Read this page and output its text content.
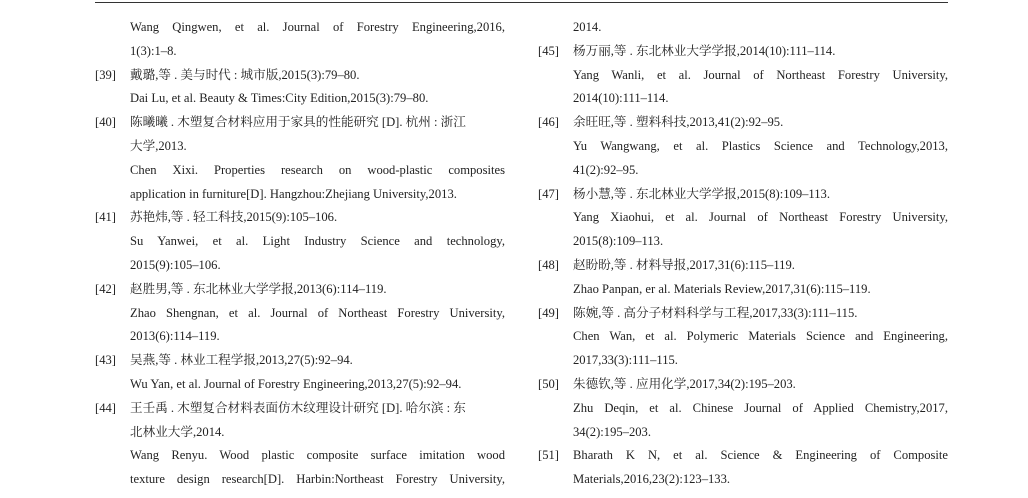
Wang Qingwen, et al. Journal of Forestry Engineering,2016,
1(3):1–8.
[39]	戴璐,等 . 美与时代 : 城市版,2015(3):79–80.
Dai Lu, et al. Beauty & Times:City Edition,2015(3):79–80.
[40]	陈曦曦 . 木塑复合材料应用于家具的性能研究 [D]. 杭州 : 浙江
大学,2013.
Chen Xixi. Properties research on wood-plastic composites
application in furniture[D]. Hangzhou:Zhejiang University,2013.
[41]	苏艳炜,等 . 轻工科技,2015(9):105–106.
Su Yanwei, et al. Light Industry Science and technology,
2015(9):105–106.
[42]	赵胜男,等 . 东北林业大学学报,2013(6):114–119.
Zhao Shengnan, et al. Journal of Northeast Forestry University,
2013(6):114–119.
[43]	吴燕,等 . 林业工程学报,2013,27(5):92–94.
Wu Yan, et al. Journal of Forestry Engineering,2013,27(5):92–94.
[44]	王壬禹 . 木塑复合材料表面仿木纹理设计研究 [D]. 哈尔滨 : 东
北林业大学,2014.
Wang Renyu. Wood plastic composite surface imitation wood
texture design research[D]. Harbin:Northeast Forestry University,
2014.
[45]	杨万丽,等 . 东北林业大学学报,2014(10):111–114.
Yang Wanli, et al. Journal of Northeast Forestry University,
2014(10):111–114.
[46]	余旺旺,等 . 塑料科技,2013,41(2):92–95.
Yu Wangwang, et al. Plastics Science and Technology,2013,
41(2):92–95.
[47]	杨小慧,等 . 东北林业大学学报,2015(8):109–113.
Yang Xiaohui, et al. Journal of Northeast Forestry University,
2015(8):109–113.
[48]	赵盼盼,等 . 材料导报,2017,31(6):115–119.
Zhao Panpan, er al. Materials Review,2017,31(6):115–119.
[49]	陈婉,等 . 高分子材料科学与工程,2017,33(3):111–115.
Chen Wan, et al. Polymeric Materials Science and Engineering,
2017,33(3):111–115.
[50]	朱德钦,等 . 应用化学,2017,34(2):195–203.
Zhu Deqin, et al. Chinese Journal of Applied Chemistry,2017,
34(2):195–203.
[51]	Bharath K N, et al. Science & Engineering of Composite
Materials,2016,23(2):123–133.
